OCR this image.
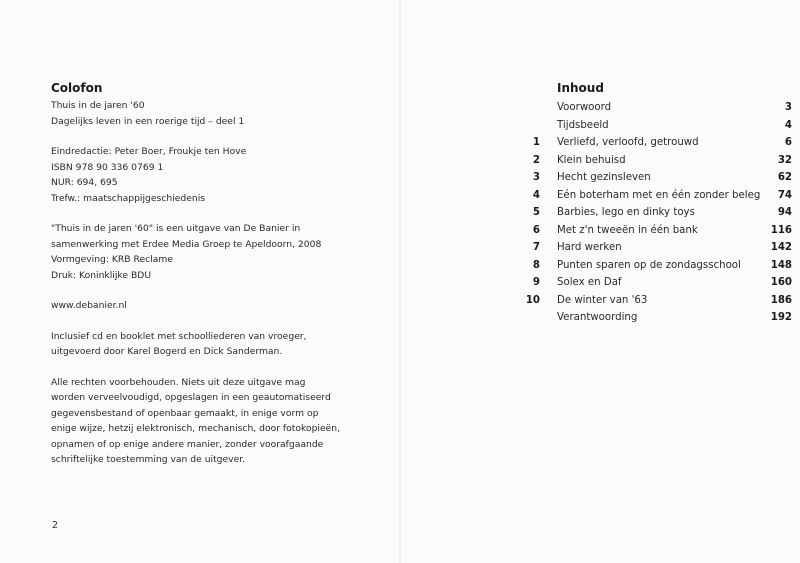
Colofon
Thuis in de jaren '60
Dagelijks leven in een roerige tijd – deel 1
Eindredactie: Peter Boer, Froukje ten Hove
ISBN 978 90 336 0769 1
NUR: 694, 695
Trefw.: maatschappijgeschiedenis
"Thuis in de jaren '60" is een uitgave van De Banier in
samenwerking met Erdee Media Groep te Apeldoorn, 2008
Vormgeving: KRB Reclame
Druk: Koninklijke BDU
www.debanier.nl
Inclusief cd en booklet met schoolliederen van vroeger,
uitgevoerd door Karel Bogerd en Dick Sanderman.
Alle rechten voorbehouden. Niets uit deze uitgave mag
worden verveelvoudigd, opgeslagen in een geautomatiseerd
gegevensbestand of openbaar gemaakt, in enige vorm op
enige wijze, hetzij elektronisch, mechanisch, door fotokopieën,
opnamen of op enige andere manier, zonder voorafgaande
schriftelijke toestemming van de uitgever.
2
Inhoud
Voorwoord	3
Tijdsbeeld	4
1 Verliefd, verloofd, getrouwd	6
2 Klein behuisd	32
3 Hecht gezinsleven	62
4 Eén boterham met en één zonder beleg 74
5 Barbies, lego en dinky toys	94
6 Met z'n tweeën in één bank	116
7 Hard werken	142
8 Punten sparen op de zondagsschool	148
9 Solex en Daf	160
10 De winter van '63	186
Verantwoording	192
